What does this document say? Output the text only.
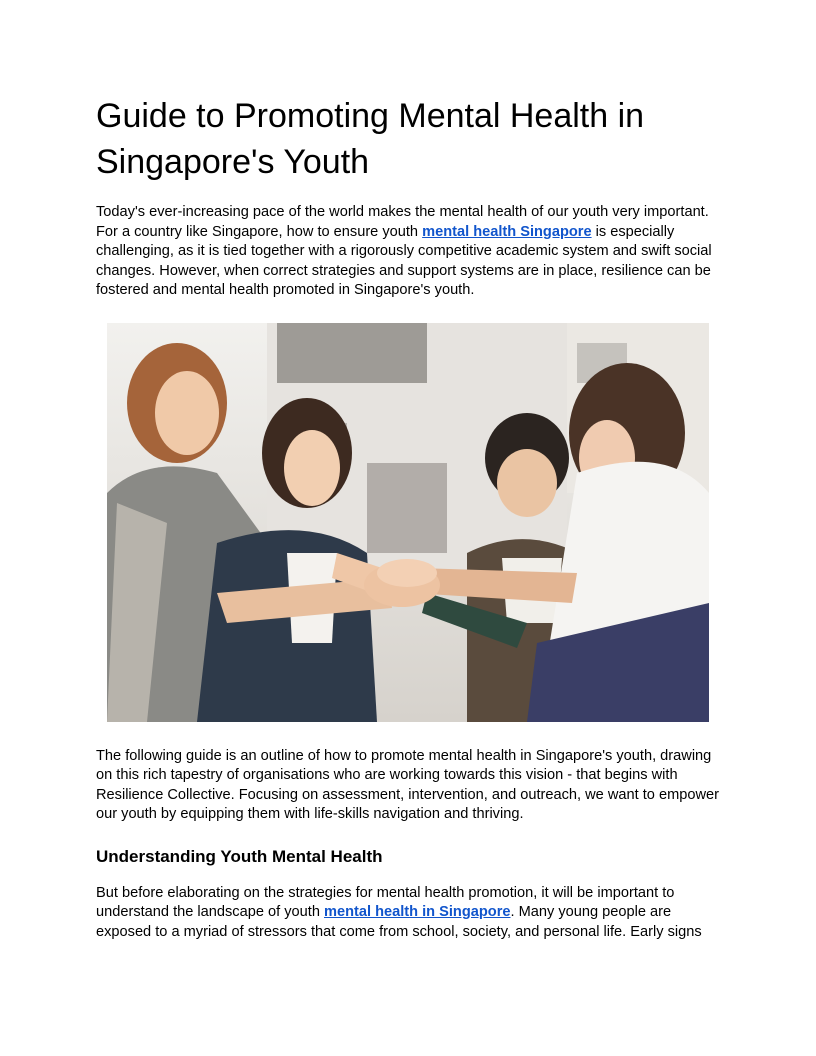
Guide to Promoting Mental Health in Singapore's Youth

Today's ever-increasing pace of the world makes the mental health of our youth very important. For a country like Singapore, how to ensure youth mental health Singapore is especially challenging, as it is tied together with a rigorously competitive academic system and swift social changes. However, when correct strategies and support systems are in place, resilience can be fostered and mental health promoted in Singapore's youth.

The following guide is an outline of how to promote mental health in Singapore's youth, drawing on this rich tapestry of organisations who are working towards this vision - that begins with Resilience Collective. Focusing on assessment, intervention, and outreach, we want to empower our youth by equipping them with life-skills navigation and thriving.

Understanding Youth Mental Health

But before elaborating on the strategies for mental health promotion, it will be important to understand the landscape of youth mental health in Singapore. Many young people are exposed to a myriad of stressors that come from school, society, and personal life. Early signs
